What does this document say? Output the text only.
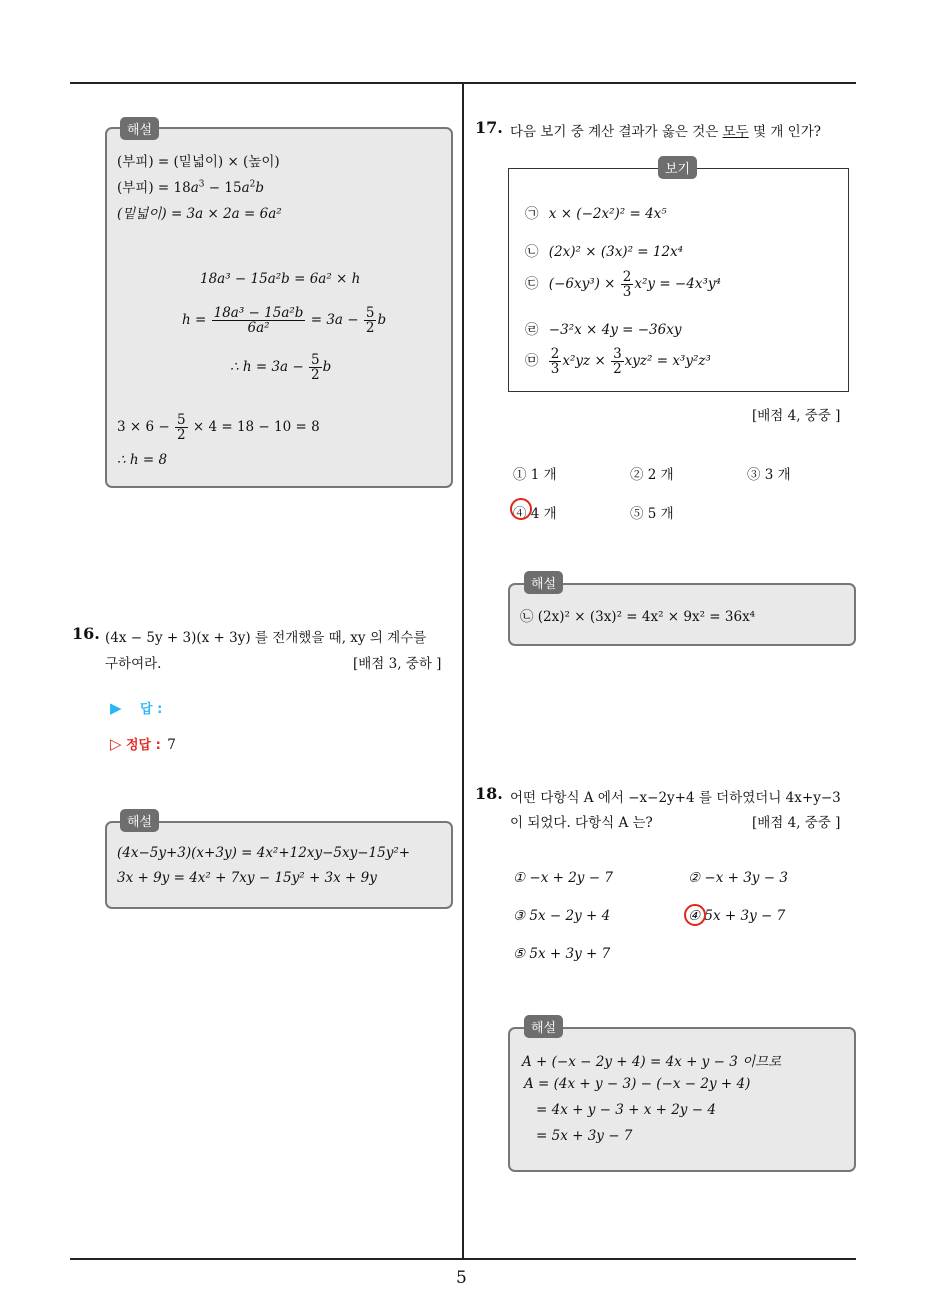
5
해설
(부피) = (밑넓이) × (높이)
(부피) = $18a^3 - 15a^2b$
(밑넓이) = 3a × 2a = 6a²
18a³ − 15a²b = 6a² × h
$h = \frac{\text{18a³ − 15a²b}}{\text{6a²}} = 3a - \frac{5}{2}$ b
∴ $h = 3a - \frac{5}{2}$ b
$3 \times 6 - \frac{5}{2} \times 4 = 18 - 10 = 8$
∴ h = 8
16. (4x − 5y + 3)(x + 3y) 를 전개했을 때, xy 의 계수를
구하여라.	[배점 3, 중하 ]
▶ 답 :
▷ 정답 : 7
해설
(4x−5y+3)(x+3y) = 4x²+12xy−5xy−15y²+
3x + 9y = 4x² + 7xy − 15y² + 3x + 9y
17. 다음 보기 중 계산 결과가 옳은 것은 모두 몇 개 인가?
보기
㉠ x × (−2x²)² = 4x⁵
㉡ (2x)² × (3x)² = 12x⁴
㉢ $(-6xy^3) \times \frac{2}{3} x^2y = -4x^3y^4$
㉣ −3²x × 4y = −36xy
㉤ $\frac{2}{3} x^2yz \times \frac{3}{2} xyz^2 = x^3y^2z^3$
[배점 4, 중중 ]
① 1 개	② 2 개	③ 3 개
④ 4 개	⑤ 5 개
해설
㉡ (2x)² × (3x)² = 4x² × 9x² = 36x⁴
18. 어떤 다항식 A 에서 −x−2y+4 를 더하였더니 4x+y−3
이 되었다. 다항식 A 는?	[배점 4, 중중 ]
① −x + 2y − 7	② −x + 3y − 3
③ 5x − 2y + 4	④ 5x + 3y − 7
⑤ 5x + 3y + 7
해설
A + (−x − 2y + 4) = 4x + y − 3 이므로
A = (4x + y − 3) − (−x − 2y + 4)
= 4x + y − 3 + x + 2y − 4
= 5x + 3y − 7
